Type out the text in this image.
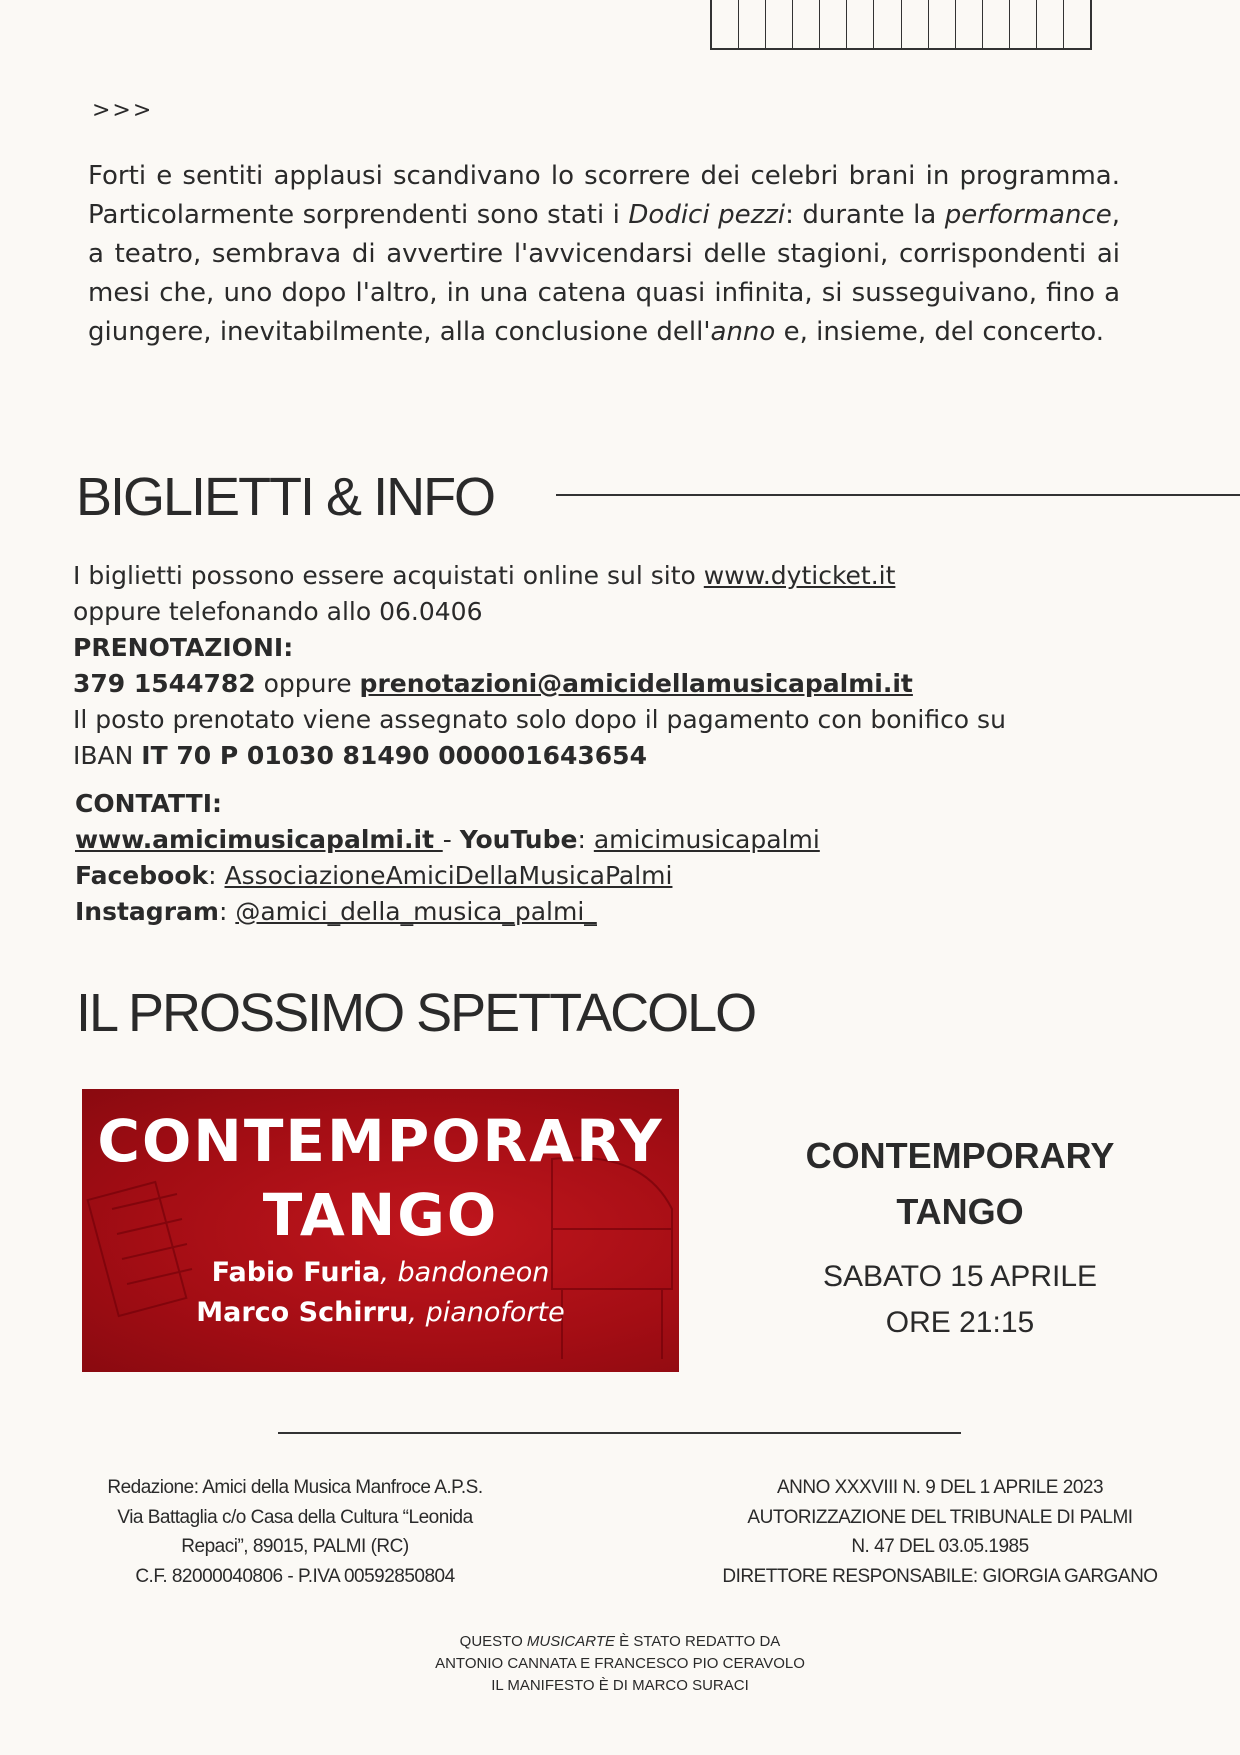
>>>
Forti e sentiti applausi scandivano lo scorrere dei celebri brani in programma. Particolarmente sorprendenti sono stati i Dodici pezzi: durante la performance, a teatro, sembrava di avvertire l'avvicendarsi delle stagioni, corrispondenti ai mesi che, uno dopo l'altro, in una catena quasi infinita, si susseguivano, fino a giungere, inevitabilmente, alla conclusione dell'anno e, insieme, del concerto.
BIGLIETTI & INFO
I biglietti possono essere acquistati online sul sito www.dyticket.it
oppure telefonando allo 06.0406
PRENOTAZIONI:
379 1544782 oppure prenotazioni@amicidellamusicapalmi.it
Il posto prenotato viene assegnato solo dopo il pagamento con bonifico su
IBAN IT 70 P 01030 81490 000001643654
CONTATTI:
www.amicimusicapalmi.it - YouTube: amicimusicapalmi
Facebook: AssociazioneAmiciDellaMusicaPalmi
Instagram: @amici_della_musica_palmi_
IL PROSSIMO SPETTACOLO
CONTEMPORARY
TANGO
Fabio Furia, bandoneon
Marco Schirru, pianoforte
CONTEMPORARY
TANGO
SABATO 15 APRILE
ORE 21:15
Redazione: Amici della Musica Manfroce A.P.S.
Via Battaglia c/o Casa della Cultura “Leonida
Repaci”, 89015, PALMI (RC)
C.F. 82000040806 - P.IVA 00592850804
ANNO XXXVIII N. 9 DEL 1 APRILE 2023
AUTORIZZAZIONE DEL TRIBUNALE DI PALMI
N. 47 DEL 03.05.1985
DIRETTORE RESPONSABILE: GIORGIA GARGANO
QUESTO MUSICARTE È STATO REDATTO DA
ANTONIO CANNATA E FRANCESCO PIO CERAVOLO
IL MANIFESTO È DI MARCO SURACI
